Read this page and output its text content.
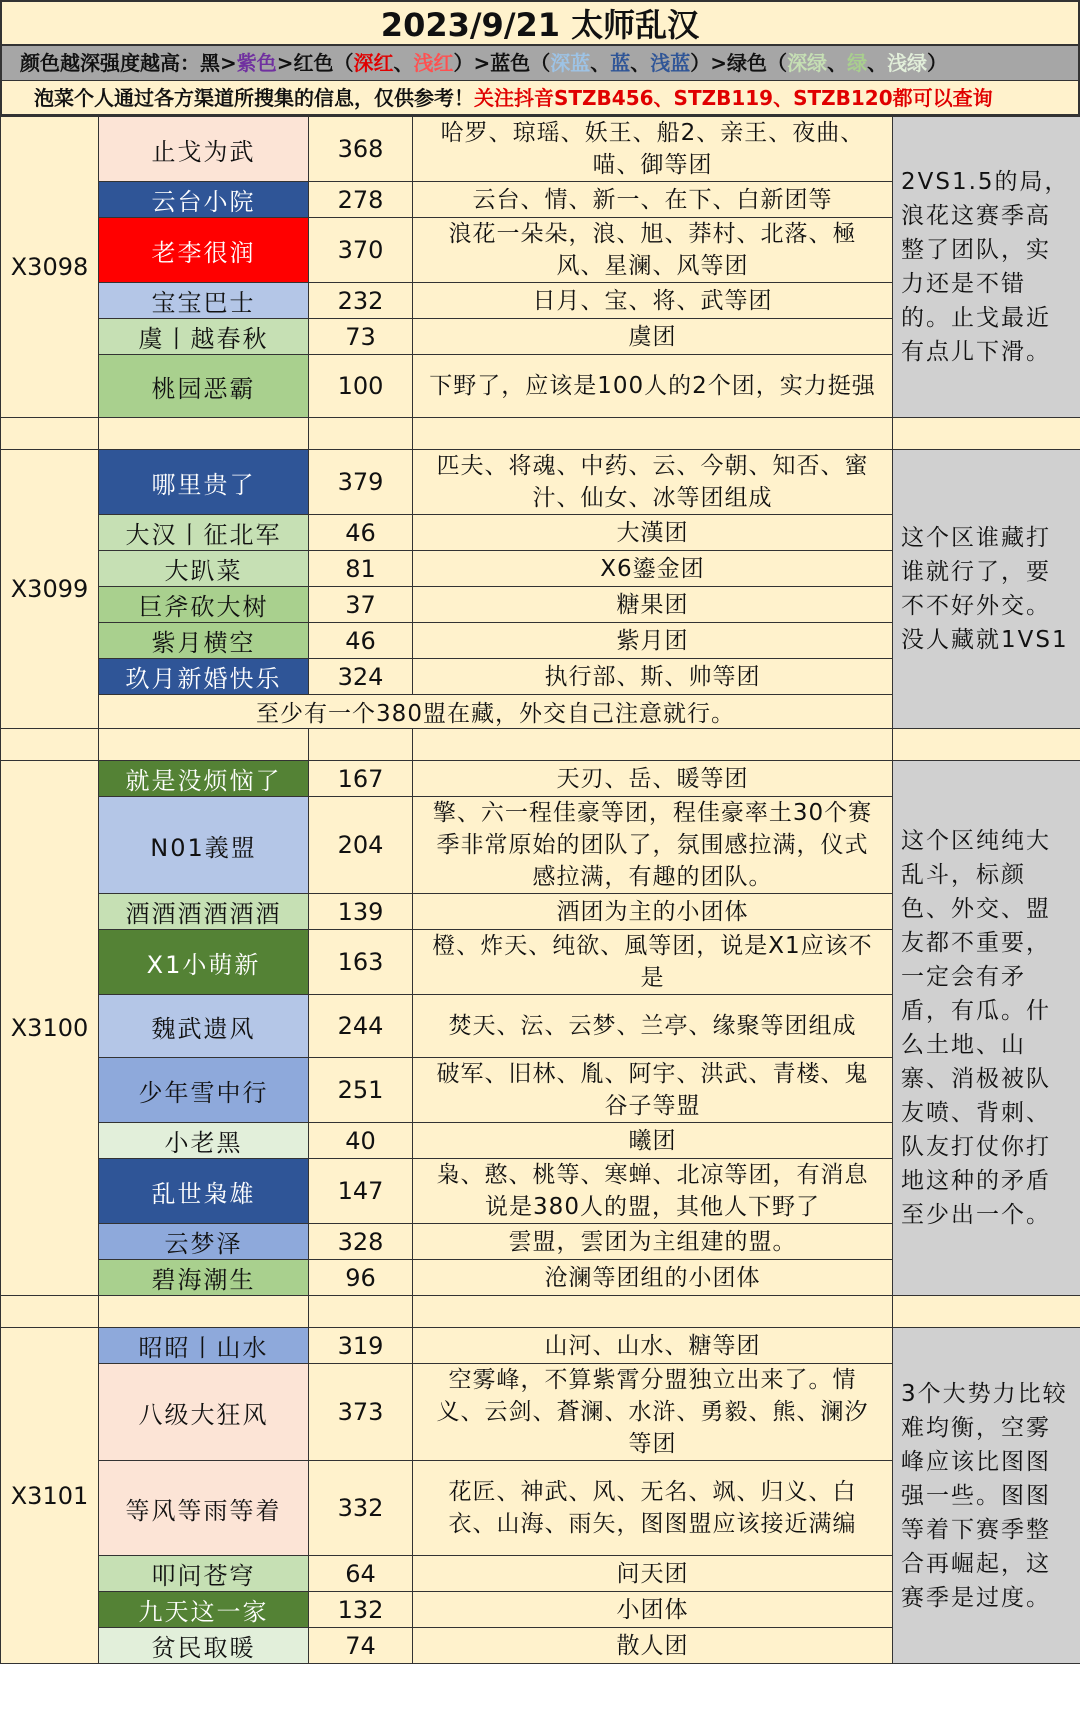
2023/9/21 太师乱汉
颜色越深强度越高：黑>紫色>红色（深红、浅红）>蓝色（深蓝、蓝、浅蓝）>绿色（深绿、绿、浅绿）
泡菜个人通过各方渠道所搜集的信息，仅供参考！关注抖音STZB456、STZB119、STZB120都可以查询
X3098	止戈为武	368	哈罗、琼瑶、妖王、船2、亲王、夜曲、喵、御等团	2VS1.5的局，浪花这赛季高整了团队，实力还是不错的。止戈最近有点儿下滑。
	云台小院	278	云台、情、新一、在下、白新团等	
	老李很润	370	浪花一朵朵，浪、旭、莽村、北落、極风、星澜、风等团	
	宝宝巴士	232	日月、宝、将、武等团	
	虞丨越春秋	73	虞团	
	桃园恶霸	100	下野了，应该是100人的2个团，实力挺强	

X3099	哪里贵了	379	匹夫、将魂、中药、云、今朝、知否、蜜汁、仙女、冰等团组成	这个区谁藏打谁就行了，要不不好外交。没人藏就1VS1
	大汉丨征北军	46	大漢团	
	大趴菜	81	X6鎏金团	
	巨斧砍大树	37	糖果团	
	紫月横空	46	紫月团	
	玖月新婚快乐	324	执行部、斯、帅等团	
	至少有一个380盟在藏，外交自己注意就行。			

X3100	就是没烦恼了	167	天刃、岳、暖等团	这个区纯纯大乱斗，标颜色、外交、盟友都不重要，一定会有矛盾，有瓜。什么土地、山寨、消极被队友喷、背刺、队友打仗你打地这种的矛盾至少出一个。
	N01義盟	204	擎、六一程佳豪等团，程佳豪率土30个赛季非常原始的团队了，氛围感拉满，仪式感拉满，有趣的团队。	
	酒酒酒酒酒酒	139	酒团为主的小团体	
	X1小萌新	163	橙、炸天、纯欲、風等团，说是X1应该不是	
	魏武遗风	244	焚天、沄、云梦、兰亭、缘聚等团组成	
	少年雪中行	251	破军、旧林、胤、阿宇、洪武、青楼、鬼谷子等盟	
	小老黑	40	曦团	
	乱世枭雄	147	枭、憨、桃等、寒蝉、北凉等团，有消息说是380人的盟，其他人下野了	
	云梦泽	328	雲盟，雲团为主组建的盟。	
	碧海潮生	96	沧澜等团组的小团体	

X3101	昭昭丨山水	319	山河、山水、糖等团	3个大势力比较难均衡，空雾峰应该比图图强一些。图图等着下赛季整合再崛起，这赛季是过度。
	八级大狂风	373	空雾峰，不算紫霄分盟独立出来了。情义、云剑、蒼澜、水浒、勇毅、熊、澜汐等团	
	等风等雨等着	332	花匠、神武、风、无名、飒、归义、白衣、山海、雨矢，图图盟应该接近满编	
	叩问苍穹	64	问天团	
	九天这一家	132	小团体	
	贫民取暖	74	散人团	
